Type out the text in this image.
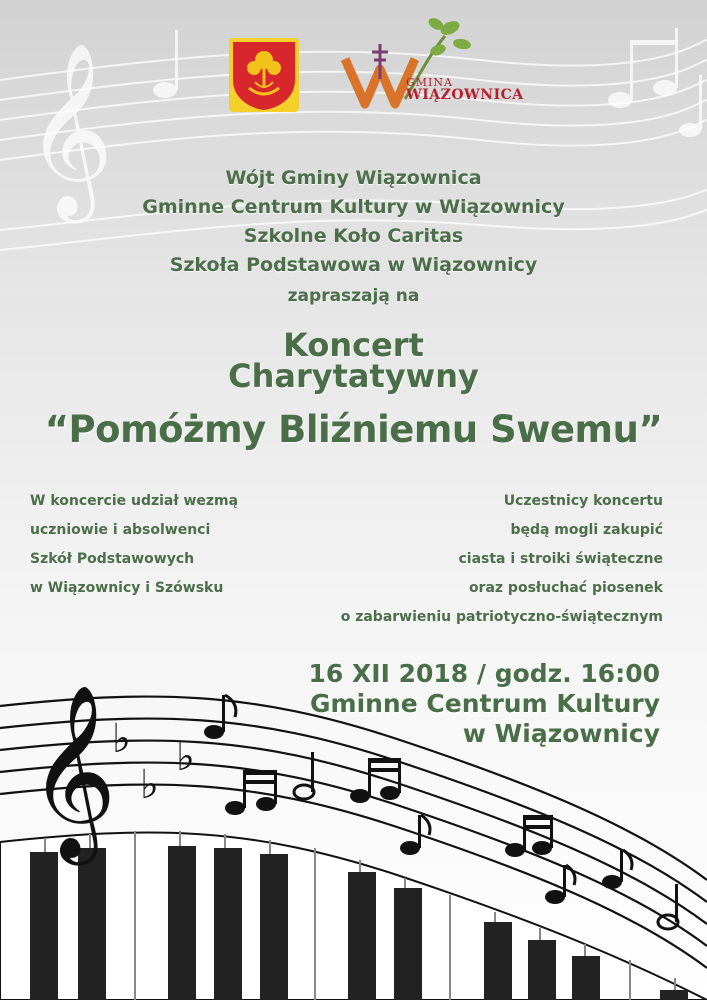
𝄞	GMINA
WIĄZOWNICA
Wójt Gminy Wiązownica
Gminne Centrum Kultury w Wiązownicy
Szkolne Koło Caritas
Szkoła Podstawowa w Wiązownicy
zapraszają na
Koncert
Charytatywny
“Pomóżmy Bliźniemu Swemu”
W koncercie udział wezmą
uczniowie i absolwenci
Szkół Podstawowych
w Wiązownicy i Szówsku
Uczestnicy koncertu
będą mogli zakupić
ciasta i stroiki świąteczne
oraz posłuchać piosenek
o zabarwieniu patriotyczno-świątecznym
𝄞
♭
♭
♭
16 XII 2018 / godz. 16:00
Gminne Centrum Kultury
w Wiązownicy
